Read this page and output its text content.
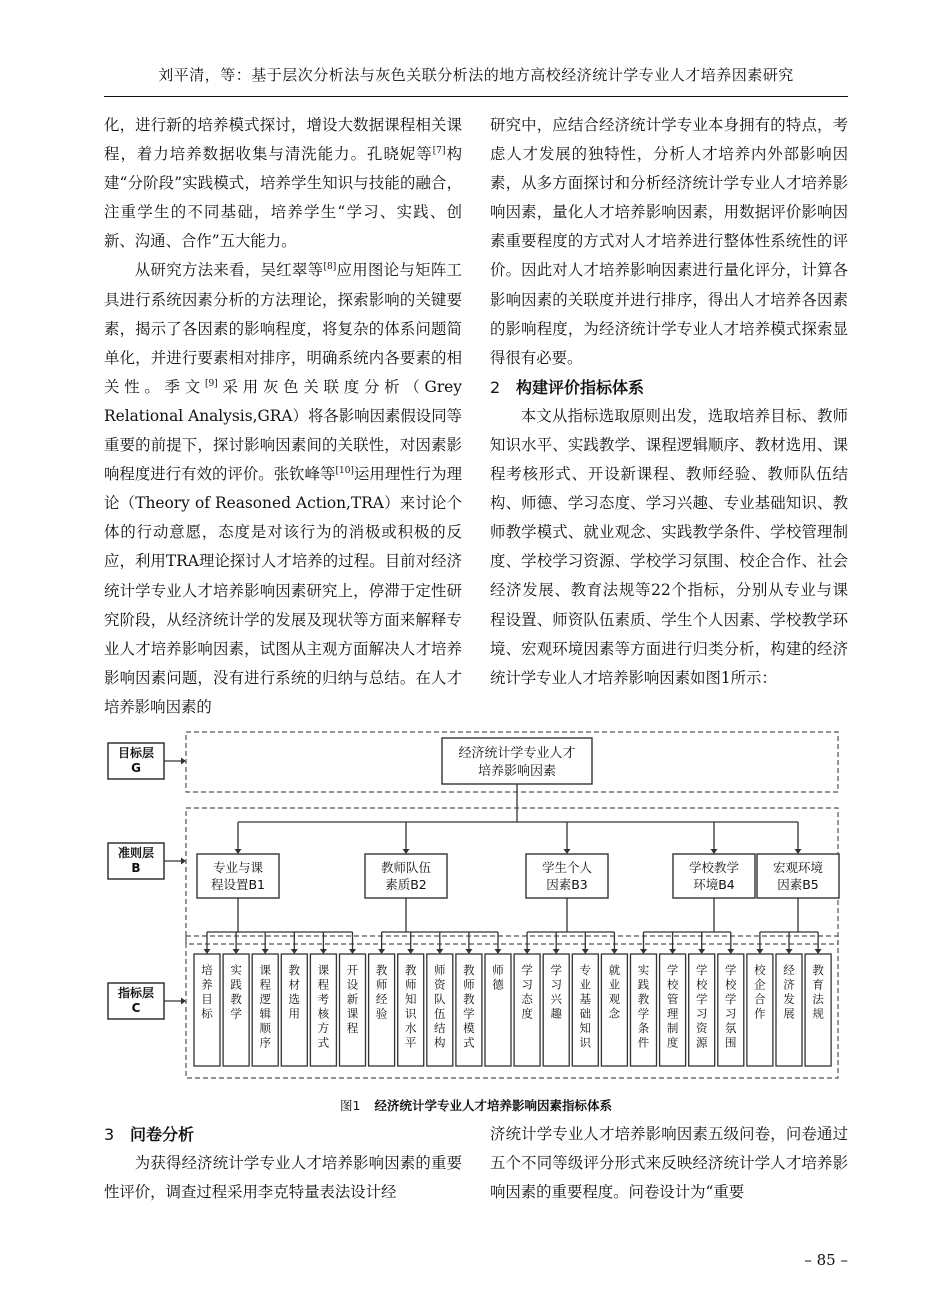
刘平清，等：基于层次分析法与灰色关联分析法的地方高校经济统计学专业人才培养因素研究

化，进行新的培养模式探讨，增设大数据课程相关课程，着力培养数据收集与清洗能力。孔晓妮等[7]构建“分阶段”实践模式，培养学生知识与技能的融合，注重学生的不同基础，培养学生“学习、实践、创新、沟通、合作”五大能力。

从研究方法来看，吴红翠等[8]应用图论与矩阵工具进行系统因素分析的方法理论，探索影响的关键要素，揭示了各因素的影响程度，将复杂的体系问题简单化，并进行要素相对排序，明确系统内各要素的相关性。季文[9]采用灰色关联度分析（Grey Relational Analysis,GRA）将各影响因素假设同等重要的前提下，探讨影响因素间的关联性，对因素影响程度进行有效的评价。张钦峰等[10]运用理性行为理论（Theory of Reasoned Action,TRA）来讨论个体的行动意愿，态度是对该行为的消极或积极的反应，利用TRA理论探讨人才培养的过程。目前对经济统计学专业人才培养影响因素研究上，停滞于定性研究阶段，从经济统计学的发展及现状等方面来解释专业人才培养影响因素，试图从主观方面解决人才培养影响因素问题，没有进行系统的归纳与总结。在人才培养影响因素的

研究中，应结合经济统计学专业本身拥有的特点，考虑人才发展的独特性，分析人才培养内外部影响因素，从多方面探讨和分析经济统计学专业人才培养影响因素，量化人才培养影响因素，用数据评价影响因素重要程度的方式对人才培养进行整体性系统性的评价。因此对人才培养影响因素进行量化评分，计算各影响因素的关联度并进行排序，得出人才培养各因素的影响程度，为经济统计学专业人才培养模式探索显得很有必要。

2 构建评价指标体系

本文从指标选取原则出发，选取培养目标、教师知识水平、实践教学、课程逻辑顺序、教材选用、课程考核形式、开设新课程、教师经验、教师队伍结构、师德、学习态度、学习兴趣、专业基础知识、教师教学模式、就业观念、实践教学条件、学校管理制度、学校学习资源、学校学习氛围、校企合作、社会经济发展、教育法规等22个指标，分别从专业与课程设置、师资队伍素质、学生个人因素、学校教学环境、宏观环境因素等方面进行归类分析，构建的经济统计学专业人才培养影响因素如图1所示：

目标层
G
准则层
B
指标层
C
经济统计学专业人才
培养影响因素
专业与课
程设置B1
教师队伍
素质B2
学生个人
因素B3
学校教学
环境B4
宏观环境
因素B5
培养目标
实践教学
课程逻辑顺序
教材选用
课程考核方式
开设新课程
教师经验
教师知识水平
师资队伍结构
教师教学模式
师德
学习态度
学习兴趣
专业基础知识
就业观念
实践教学条件
学校管理制度
学校学习资源
学校学习氛围
校企合作
经济发展
教育法规
图1 经济统计学专业人才培养影响因素指标体系
3 问卷分析

为获得经济统计学专业人才培养影响因素的重要性评价，调查过程采用李克特量表法设计经

济统计学专业人才培养影响因素五级问卷，问卷通过五个不同等级评分形式来反映经济统计学人才培养影响因素的重要程度。问卷设计为“重要

– 85 –
